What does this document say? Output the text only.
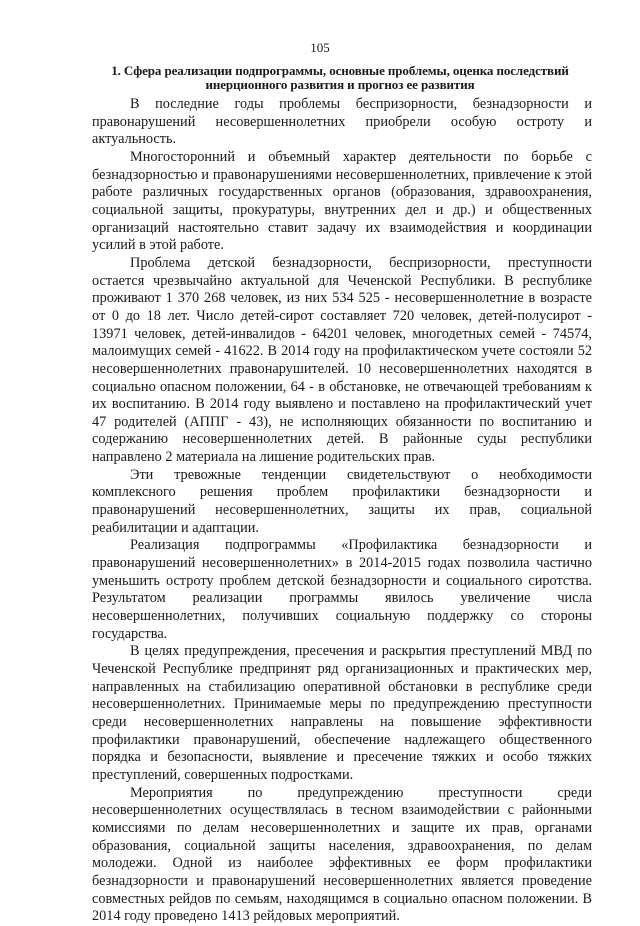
105
1. Сфера реализации подпрограммы, основные проблемы, оценка последствий инерционного развития и прогноз ее развития

В последние годы проблемы беспризорности, безнадзорности и правонарушений несовершеннолетних приобрели особую остроту и актуальность.

Многосторонний и объемный характер деятельности по борьбе с безнадзорностью и правонарушениями несовершеннолетних, привлечение к этой работе различных государственных органов (образования, здравоохранения, социальной защиты, прокуратуры, внутренних дел и др.) и общественных организаций настоятельно ставит задачу их взаимодействия и координации усилий в этой работе.

Проблема детской безнадзорности, беспризорности, преступности остается чрезвычайно актуальной для Чеченской Республики. В республике проживают 1 370 268 человек, из них 534 525 - несовершеннолетние в возрасте от 0 до 18 лет. Число детей-сирот составляет 720 человек, детей-полусирот - 13971 человек, детей-инвалидов - 64201 человек, многодетных семей - 74574, малоимущих семей - 41622. В 2014 году на профилактическом учете состояли 52 несовершеннолетних правонарушителей. 10 несовершеннолетних находятся в социально опасном положении, 64 - в обстановке, не отвечающей требованиям к их воспитанию. В 2014 году выявлено и поставлено на профилактический учет 47 родителей (АППГ - 43), не исполняющих обязанности по воспитанию и содержанию несовершеннолетних детей. В районные суды республики направлено 2 материала на лишение родительских прав.

Эти тревожные тенденции свидетельствуют о необходимости комплексного решения проблем профилактики безнадзорности и правонарушений несовершеннолетних, защиты их прав, социальной реабилитации и адаптации.

Реализация подпрограммы «Профилактика безнадзорности и правонарушений несовершеннолетних» в 2014-2015 годах позволила частично уменьшить остроту проблем детской безнадзорности и социального сиротства. Результатом реализации программы явилось увеличение числа несовершеннолетних, получивших социальную поддержку со стороны государства.

В целях предупреждения, пресечения и раскрытия преступлений МВД по Чеченской Республике предпринят ряд организационных и практических мер, направленных на стабилизацию оперативной обстановки в республике среди несовершеннолетних. Принимаемые меры по предупреждению преступности среди несовершеннолетних направлены на повышение эффективности профилактики правонарушений, обеспечение надлежащего общественного порядка и безопасности, выявление и пресечение тяжких и особо тяжких преступлений, совершенных подростками.

Мероприятия по предупреждению преступности среди несовершеннолетних осуществлялась в тесном взаимодействии с районными комиссиями по делам несовершеннолетних и защите их прав, органами образования, социальной защиты населения, здравоохранения, по делам молодежи. Одной из наиболее эффективных ее форм профилактики безнадзорности и правонарушений несовершеннолетних является проведение совместных рейдов по семьям, находящимся в социально опасном положении. В 2014 году проведено 1413 рейдовых мероприятий.
